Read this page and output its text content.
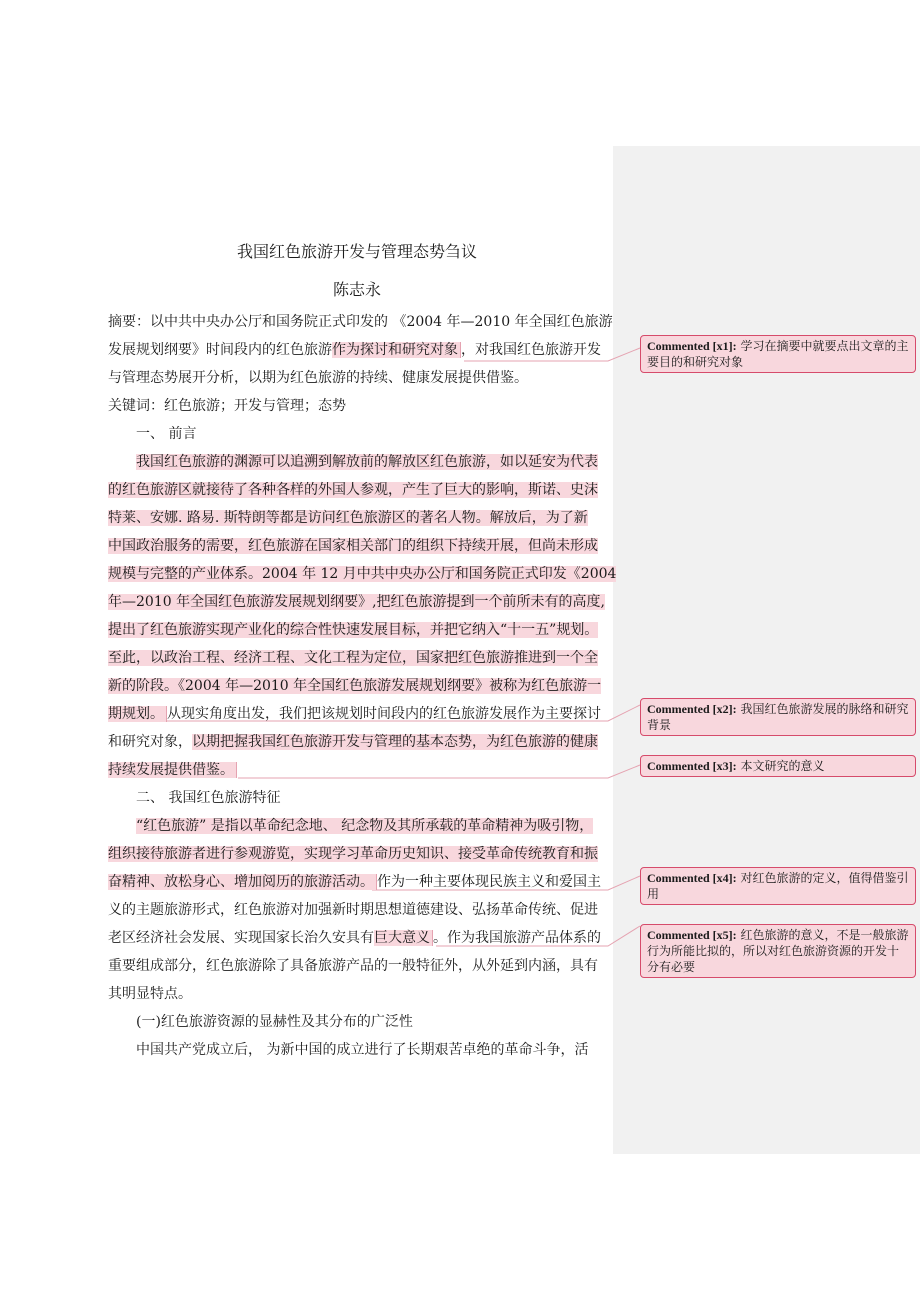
我国红色旅游开发与管理态势刍议
陈志永
摘要：以中共中央办公厅和国务院正式印发的 《2004 年—2010 年全国红色旅游
发展规划纲要》时间段内的红色旅游作为探讨和研究对象 ，对我国红色旅游开发
与管理态势展开分析，以期为红色旅游的持续、健康发展提供借鉴。
关键词：红色旅游；开发与管理；态势
一、 前言
我国红色旅游的渊源可以追溯到解放前的解放区红色旅游，如以延安为代表
的红色旅游区就接待了各种各样的外国人参观，产生了巨大的影响，斯诺、史沫
特莱、安娜. 路易. 斯特朗等都是访问红色旅游区的著名人物。解放后，为了新
中国政治服务的需要，红色旅游在国家相关部门的组织下持续开展，但尚未形成
规模与完整的产业体系。2004 年 12 月中共中央办公厅和国务院正式印发《2004
年—2010 年全国红色旅游发展规划纲要》,把红色旅游提到一个前所未有的高度,
提出了红色旅游实现产业化的综合性快速发展目标，并把它纳入“十一五”规划。
至此，以政治工程、经济工程、文化工程为定位，国家把红色旅游推进到一个全
新的阶段。《2004 年—2010 年全国红色旅游发展规划纲要》被称为红色旅游一
期规划。 从现实角度出发，我们把该规划时间段内的红色旅游发展作为主要探讨
和研究对象，以期把握我国红色旅游开发与管理的基本态势，为红色旅游的健康
持续发展提供借鉴。
二、 我国红色旅游特征
“红色旅游” 是指以革命纪念地、 纪念物及其所承载的革命精神为吸引物，
组织接待旅游者进行参观游览，实现学习革命历史知识、接受革命传统教育和振
奋精神、放松身心、增加阅历的旅游活动。 作为一种主要体现民族主义和爱国主
义的主题旅游形式，红色旅游对加强新时期思想道德建设、弘扬革命传统、促进
老区经济社会发展、实现国家长治久安具有巨大意义 。作为我国旅游产品体系的
重要组成部分，红色旅游除了具备旅游产品的一般特征外，从外延到内涵，具有
其明显特点。
(一)红色旅游资源的显赫性及其分布的广泛性
中国共产党成立后， 为新中国的成立进行了长期艰苦卓绝的革命斗争，活
Commented [x1]: 学习在摘要中就要点出文章的主要目的和研究对象
Commented [x2]: 我国红色旅游发展的脉络和研究背景
Commented [x3]: 本文研究的意义
Commented [x4]: 对红色旅游的定义，值得借鉴引用
Commented [x5]: 红色旅游的意义，不是一般旅游行为所能比拟的，所以对红色旅游资源的开发十分有必要
